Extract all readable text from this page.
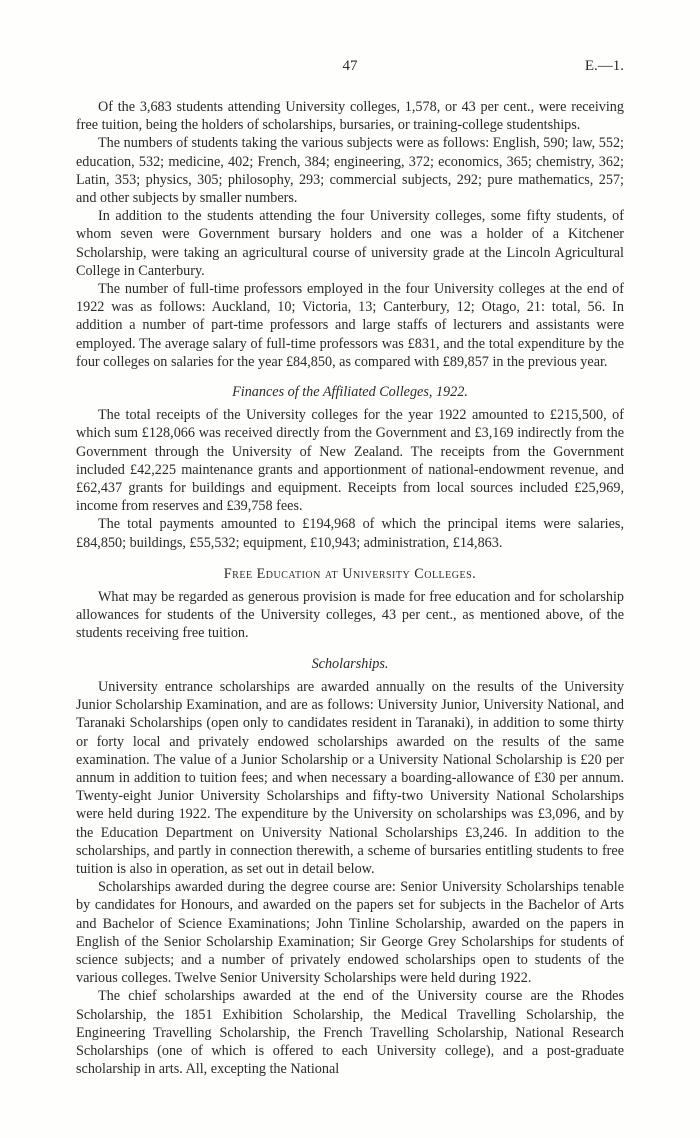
47	E.—1.

Of the 3,683 students attending University colleges, 1,578, or 43 per cent., were receiving free tuition, being the holders of scholarships, bursaries, or training-college studentships.

The numbers of students taking the various subjects were as follows: English, 590; law, 552; education, 532; medicine, 402; French, 384; engineering, 372; economics, 365; chemistry, 362; Latin, 353; physics, 305; philosophy, 293; commercial subjects, 292; pure mathematics, 257; and other subjects by smaller numbers.

In addition to the students attending the four University colleges, some fifty students, of whom seven were Government bursary holders and one was a holder of a Kitchener Scholarship, were taking an agricultural course of university grade at the Lincoln Agricultural College in Canterbury.

The number of full-time professors employed in the four University colleges at the end of 1922 was as follows: Auckland, 10; Victoria, 13; Canterbury, 12; Otago, 21: total, 56. In addition a number of part-time professors and large staffs of lecturers and assistants were employed. The average salary of full-time professors was £831, and the total expenditure by the four colleges on salaries for the year £84,850, as compared with £89,857 in the previous year.

Finances of the Affiliated Colleges, 1922.

The total receipts of the University colleges for the year 1922 amounted to £215,500, of which sum £128,066 was received directly from the Government and £3,169 indirectly from the Government through the University of New Zealand. The receipts from the Government included £42,225 maintenance grants and apportionment of national-endowment revenue, and £62,437 grants for buildings and equipment. Receipts from local sources included £25,969, income from reserves and £39,758 fees.

The total payments amounted to £194,968 of which the principal items were salaries, £84,850; buildings, £55,532; equipment, £10,943; administration, £14,863.

Free Education at University Colleges.

What may be regarded as generous provision is made for free education and for scholarship allowances for students of the University colleges, 43 per cent., as mentioned above, of the students receiving free tuition.

Scholarships.

University entrance scholarships are awarded annually on the results of the University Junior Scholarship Examination, and are as follows: University Junior, University National, and Taranaki Scholarships (open only to candidates resident in Taranaki), in addition to some thirty or forty local and privately endowed scholarships awarded on the results of the same examination. The value of a Junior Scholarship or a University National Scholarship is £20 per annum in addition to tuition fees; and when necessary a boarding-allowance of £30 per annum. Twenty-eight Junior University Scholarships and fifty-two University National Scholarships were held during 1922. The expenditure by the University on scholarships was £3,096, and by the Education Department on University National Scholarships £3,246. In addition to the scholarships, and partly in connection therewith, a scheme of bursaries entitling students to free tuition is also in operation, as set out in detail below.

Scholarships awarded during the degree course are: Senior University Scholarships tenable by candidates for Honours, and awarded on the papers set for subjects in the Bachelor of Arts and Bachelor of Science Examinations; John Tinline Scholarship, awarded on the papers in English of the Senior Scholarship Examination; Sir George Grey Scholarships for students of science subjects; and a number of privately endowed scholarships open to students of the various colleges. Twelve Senior University Scholarships were held during 1922.

The chief scholarships awarded at the end of the University course are the Rhodes Scholarship, the 1851 Exhibition Scholarship, the Medical Travelling Scholarship, the Engineering Travelling Scholarship, the French Travelling Scholarship, National Research Scholarships (one of which is offered to each University college), and a post-graduate scholarship in arts. All, excepting the National
